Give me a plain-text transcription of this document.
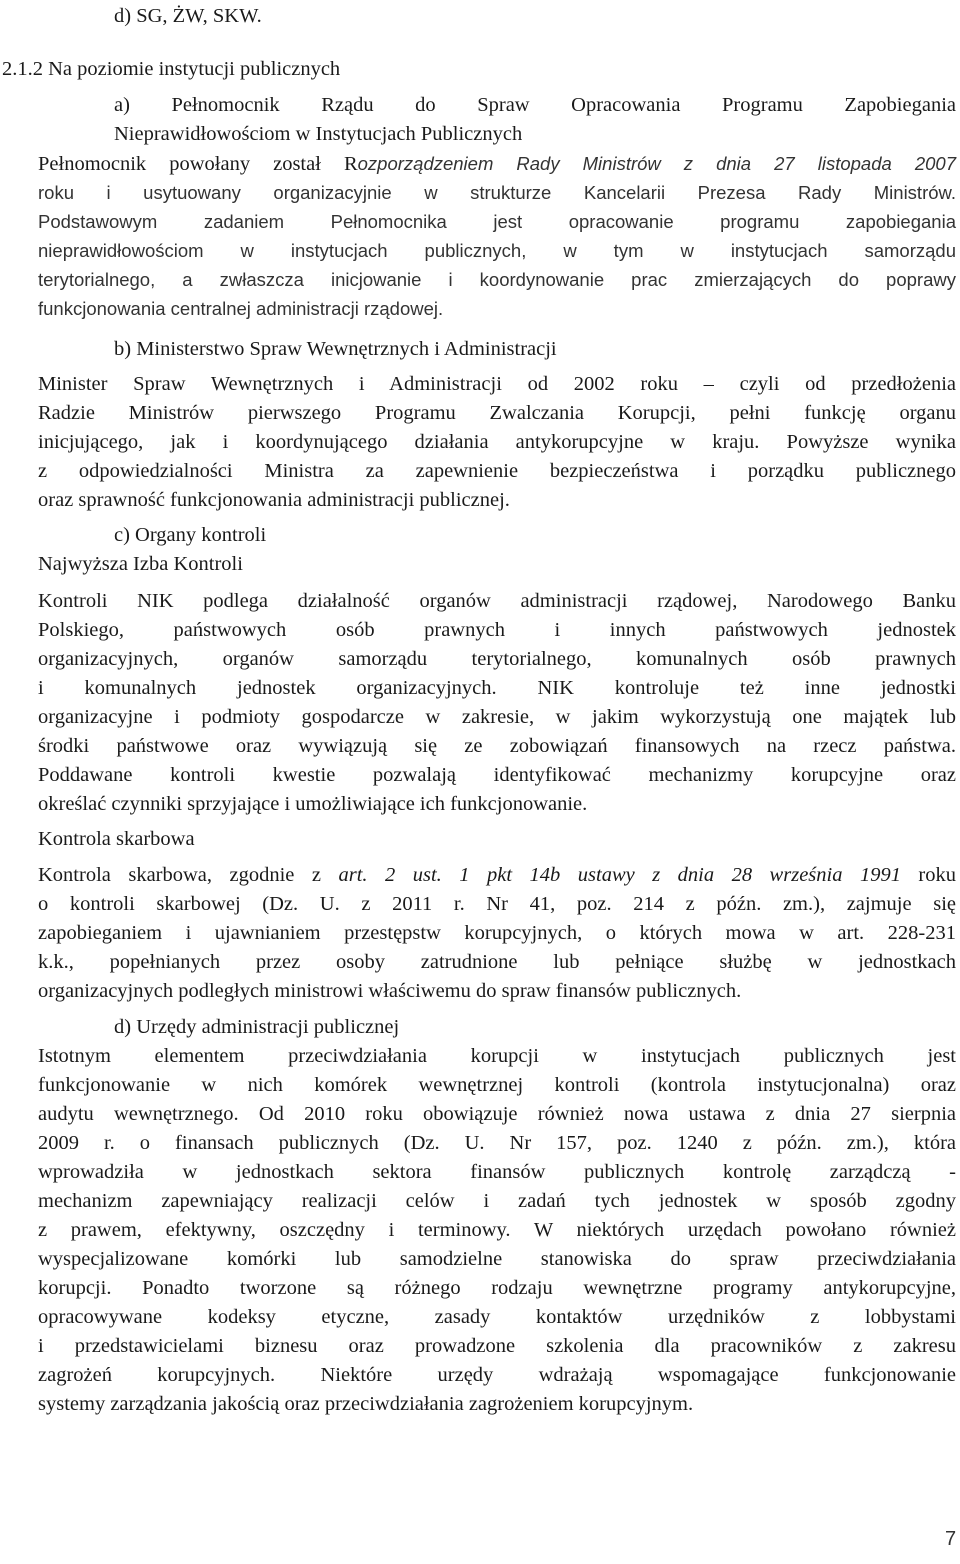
d) SG, ŻW, SKW.
2.1.2 Na poziomie instytucji publicznych
a) Pełnomocnik Rządu do Spraw Opracowania Programu Zapobiegania
Nieprawidłowościom w Instytucjach Publicznych
Pełnomocnik powołany został Rozporządzeniem Rady Ministrów z dnia 27 listopada 2007
roku i usytuowany organizacyjnie w strukturze Kancelarii Prezesa Rady Ministrów.
Podstawowym zadaniem Pełnomocnika jest opracowanie programu zapobiegania
nieprawidłowościom w instytucjach publicznych, w tym w instytucjach samorządu
terytorialnego, a zwłaszcza inicjowanie i koordynowanie prac zmierzających do poprawy
funkcjonowania centralnej administracji rządowej.
b) Ministerstwo Spraw Wewnętrznych i Administracji
Minister Spraw Wewnętrznych i Administracji od 2002 roku – czyli od przedłożenia
Radzie Ministrów pierwszego Programu Zwalczania Korupcji, pełni funkcję organu
inicjującego, jak i koordynującego działania antykorupcyjne w kraju. Powyższe wynika
z odpowiedzialności Ministra za zapewnienie bezpieczeństwa i porządku publicznego
oraz sprawność funkcjonowania administracji publicznej.
c) Organy kontroli
Najwyższa Izba Kontroli
Kontroli NIK podlega działalność organów administracji rządowej, Narodowego Banku
Polskiego, państwowych osób prawnych i innych państwowych jednostek
organizacyjnych, organów samorządu terytorialnego, komunalnych osób prawnych
i komunalnych jednostek organizacyjnych. NIK kontroluje też inne jednostki
organizacyjne i podmioty gospodarcze w zakresie, w jakim wykorzystują one majątek lub
środki państwowe oraz wywiązują się ze zobowiązań finansowych na rzecz państwa.
Poddawane kontroli kwestie pozwalają identyfikować mechanizmy korupcyjne oraz
określać czynniki sprzyjające i umożliwiające ich funkcjonowanie.
Kontrola skarbowa
Kontrola skarbowa, zgodnie z art. 2 ust. 1 pkt 14b ustawy z dnia 28 września 1991 roku
o kontroli skarbowej (Dz. U. z 2011 r. Nr 41, poz. 214 z późn. zm.), zajmuje się
zapobieganiem i ujawnianiem przestępstw korupcyjnych, o których mowa w art. 228-231
k.k., popełnianych przez osoby zatrudnione lub pełniące służbę w jednostkach
organizacyjnych podległych ministrowi właściwemu do spraw finansów publicznych.
d) Urzędy administracji publicznej
Istotnym elementem przeciwdziałania korupcji w instytucjach publicznych jest
funkcjonowanie w nich komórek wewnętrznej kontroli (kontrola instytucjonalna) oraz
audytu wewnętrznego. Od 2010 roku obowiązuje również nowa ustawa z dnia 27 sierpnia
2009 r. o finansach publicznych (Dz. U. Nr 157, poz. 1240 z późn. zm.), która
wprowadziła w jednostkach sektora finansów publicznych kontrolę zarządczą -
mechanizm zapewniający realizacji celów i zadań tych jednostek w sposób zgodny
z prawem, efektywny, oszczędny i terminowy. W niektórych urzędach powołano również
wyspecjalizowane komórki lub samodzielne stanowiska do spraw przeciwdziałania
korupcji. Ponadto tworzone są różnego rodzaju wewnętrzne programy antykorupcyjne,
opracowywane kodeksy etyczne, zasady kontaktów urzędników z lobbystami
i przedstawicielami biznesu oraz prowadzone szkolenia dla pracowników z zakresu
zagrożeń korupcyjnych. Niektóre urzędy wdrażają wspomagające funkcjonowanie
systemy zarządzania jakością oraz przeciwdziałania zagrożeniem korupcyjnym.
7
